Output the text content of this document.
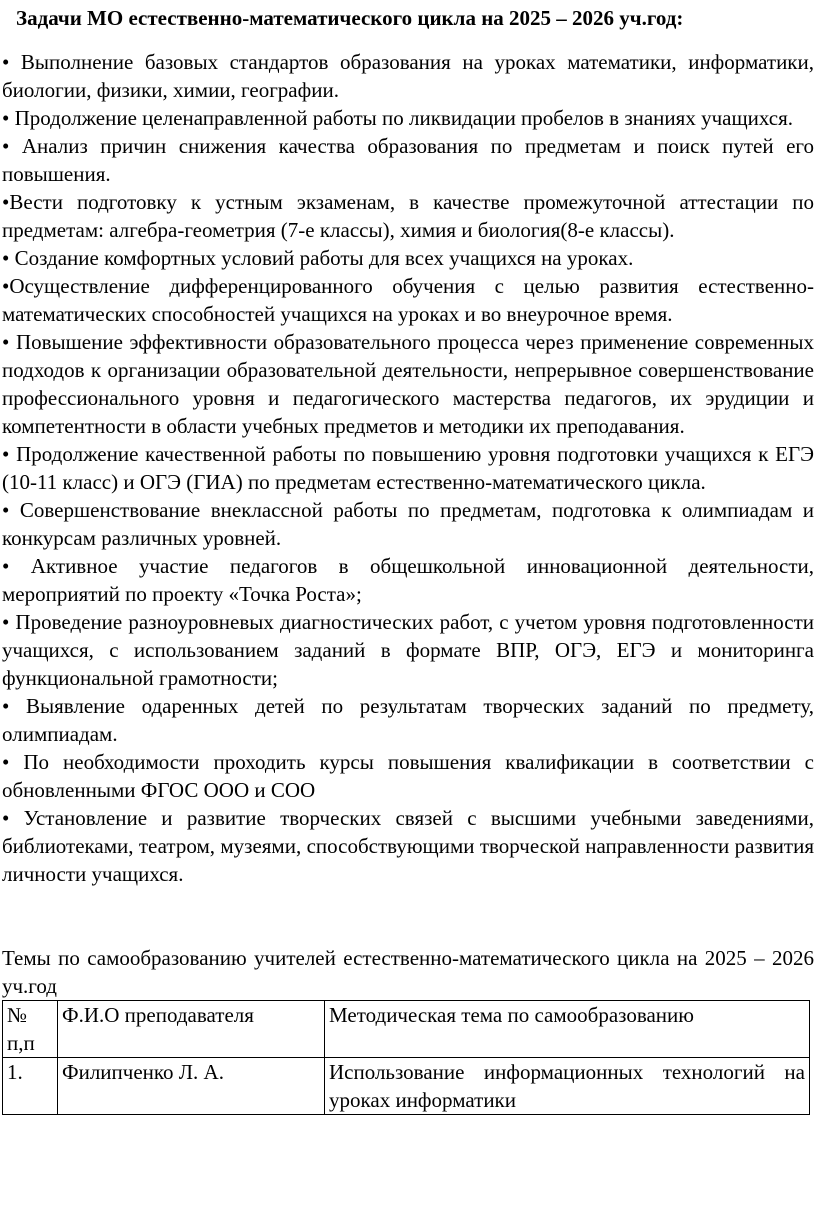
Задачи МО естественно-математического цикла на 2025 – 2026 уч.год:

• Выполнение базовых стандартов образования на уроках математики, информатики, биологии, физики, химии, географии.

• Продолжение целенаправленной работы по ликвидации пробелов в знаниях учащихся.

• Анализ причин снижения качества образования по предметам и поиск путей его повышения.

•Вести подготовку к устным экзаменам, в качестве промежуточной аттестации по предметам: алгебра-геометрия (7-е классы), химия и биология(8-е классы).

• Создание комфортных условий работы для всех учащихся на уроках.

•Осуществление дифференцированного обучения с целью развития естественно-математических способностей учащихся на уроках и во внеурочное время.

• Повышение эффективности образовательного процесса через применение современных подходов к организации образовательной деятельности, непрерывное совершенствование профессионального уровня и педагогического мастерства педагогов, их эрудиции и компетентности в области учебных предметов и методики их преподавания.

• Продолжение качественной работы по повышению уровня подготовки учащихся к ЕГЭ (10-11 класс) и ОГЭ (ГИА) по предметам естественно-математического цикла.

• Совершенствование внеклассной работы по предметам, подготовка к олимпиадам и конкурсам различных уровней.

• Активное участие педагогов в общешкольной инновационной деятельности, мероприятий по проекту «Точка Роста»;

• Проведение разноуровневых диагностических работ, с учетом уровня подготовленности учащихся, с использованием заданий в формате ВПР, ОГЭ, ЕГЭ и мониторинга функциональной грамотности;

• Выявление одаренных детей по результатам творческих заданий по предмету, олимпиадам.

• По необходимости проходить курсы повышения квалификации в соответствии с обновленными ФГОС ООО и СОО

• Установление и развитие творческих связей с высшими учебными заведениями, библиотеками, театром, музеями, способствующими творческой направленности развития личности учащихся.

Темы по самообразованию учителей естественно-математического цикла на 2025 – 2026 уч.год

№ п,п	Ф.И.О преподавателя	Методическая тема по самообразованию
1.	Филипченко Л. А.	Использование информационных технологий на уроках информатики
